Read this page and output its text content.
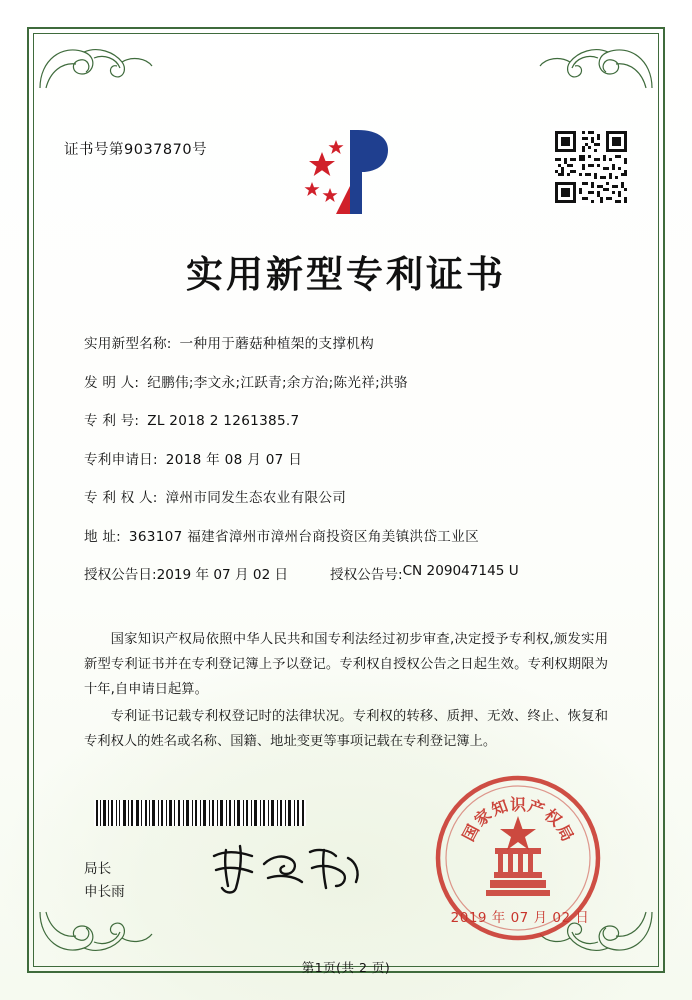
证书号第9037870号
实用新型专利证书
实用新型名称: 一种用于蘑菇种植架的支撑机构
发 明 人: 纪鹏伟;李文永;江跃青;余方治;陈光祥;洪骆
专 利 号: ZL 2018 2 1261385.7
专利申请日: 2018 年 08 月 07 日
专 利 权 人: 漳州市同发生态农业有限公司
地 址: 363107 福建省漳州市漳州台商投资区角美镇洪岱工业区
授权公告日: 2019 年 07 月 02 日	授权公告号: CN 209047145 U

国家知识产权局依照中华人民共和国专利法经过初步审查,决定授予专利权,颁发实用新型专利证书并在专利登记簿上予以登记。专利权自授权公告之日起生效。专利权期限为十年,自申请日起算。

专利证书记载专利权登记时的法律状况。专利权的转移、质押、无效、终止、恢复和专利权人的姓名或名称、国籍、地址变更等事项记载在专利登记簿上。

局长
申长雨
国
家
知 识 产
权
局
2019 年 07 月 02 日
第1页(共 2 页)
